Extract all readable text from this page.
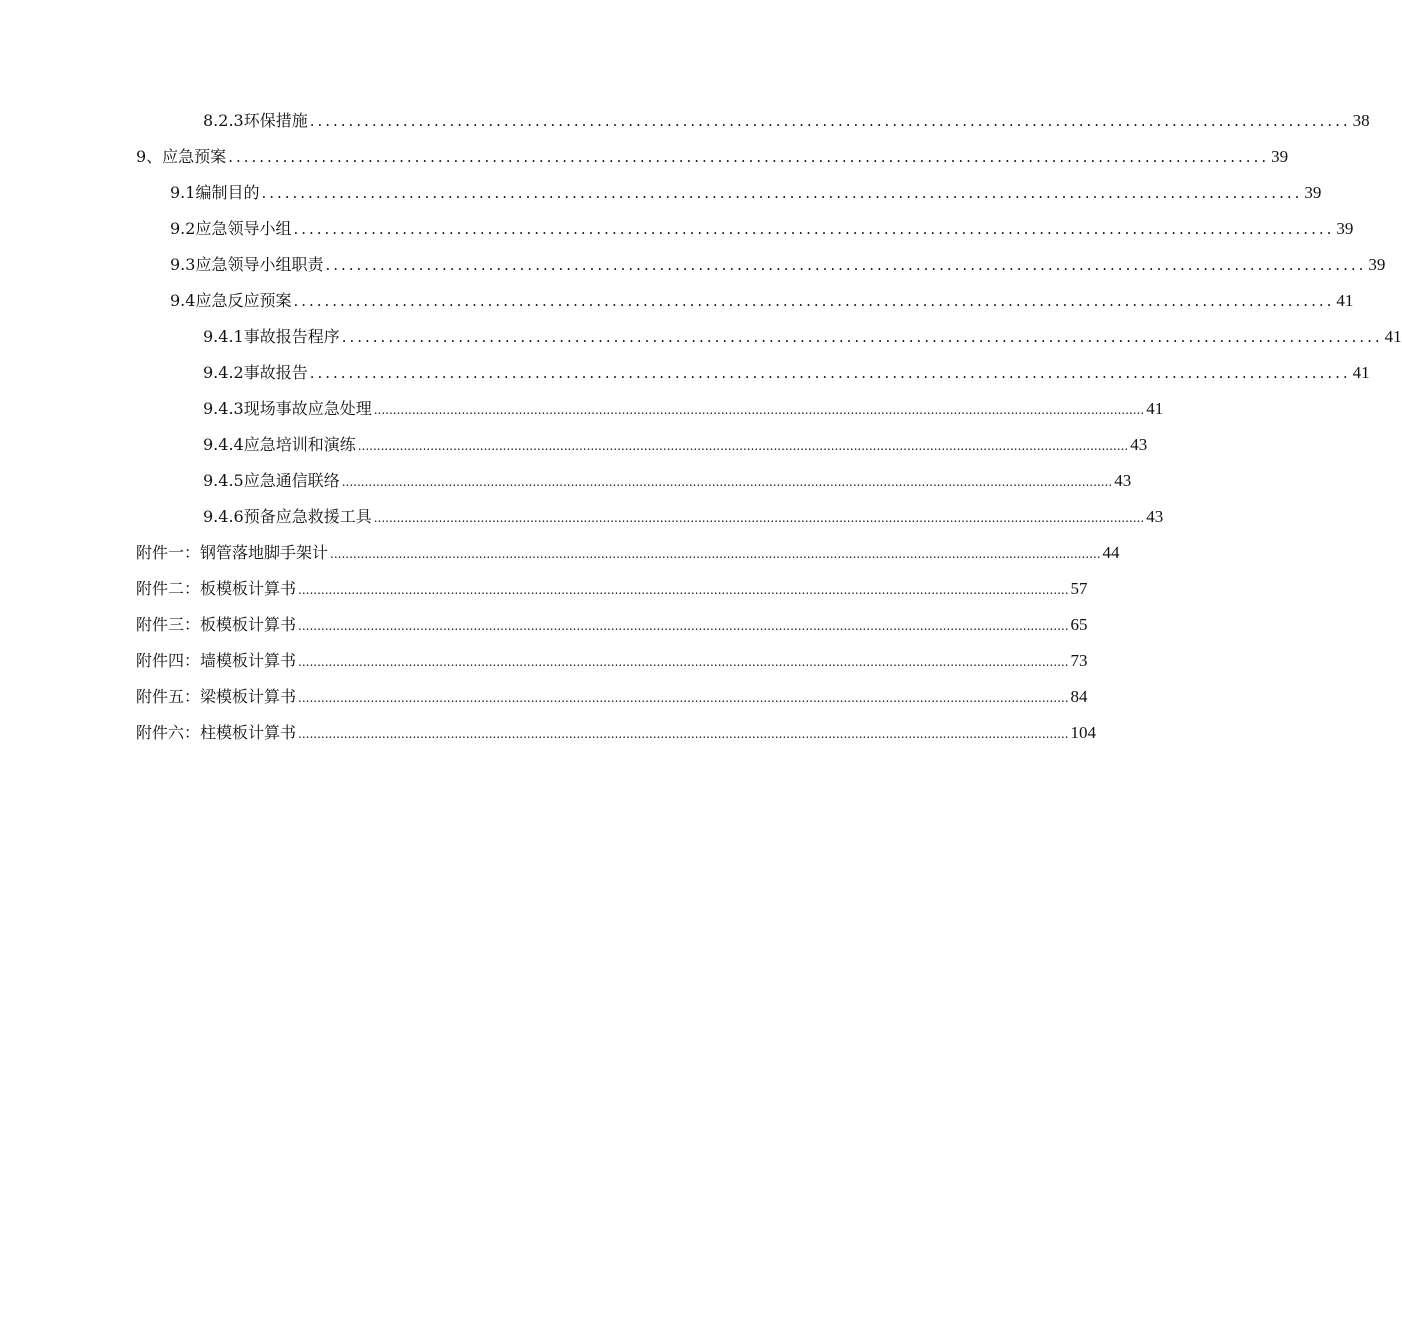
8.2.3环保措施 ...................................................................................................................................... 38
9、应急预案 ...................................................................................................................................... 39
9.1编制目的 ...................................................................................................................................... 39
9.2应急领导小组 ...................................................................................................................................... 39
9.3应急领导小组职责 ...................................................................................................................................... 39
9.4应急反应预案 ...................................................................................................................................... 41
9.4.1事故报告程序 ...................................................................................................................................... 41
9.4.2事故报告 ...................................................................................................................................... 41
9.4.3现场事故应急处理 .......................................................................................................................................................................................................... 41
9.4.4应急培训和演练 .......................................................................................................................................................................................................... 43
9.4.5应急通信联络 .......................................................................................................................................................................................................... 43
9.4.6预备应急救援工具 .......................................................................................................................................................................................................... 43
附件一：钢管落地脚手架计 .......................................................................................................................................................................................................... 44
附件二：板模板计算书 .......................................................................................................................................................................................................... 57
附件三：板模板计算书 .......................................................................................................................................................................................................... 65
附件四：墙模板计算书 .......................................................................................................................................................................................................... 73
附件五：梁模板计算书 .......................................................................................................................................................................................................... 84
附件六：柱模板计算书 .......................................................................................................................................................................................................... 104
